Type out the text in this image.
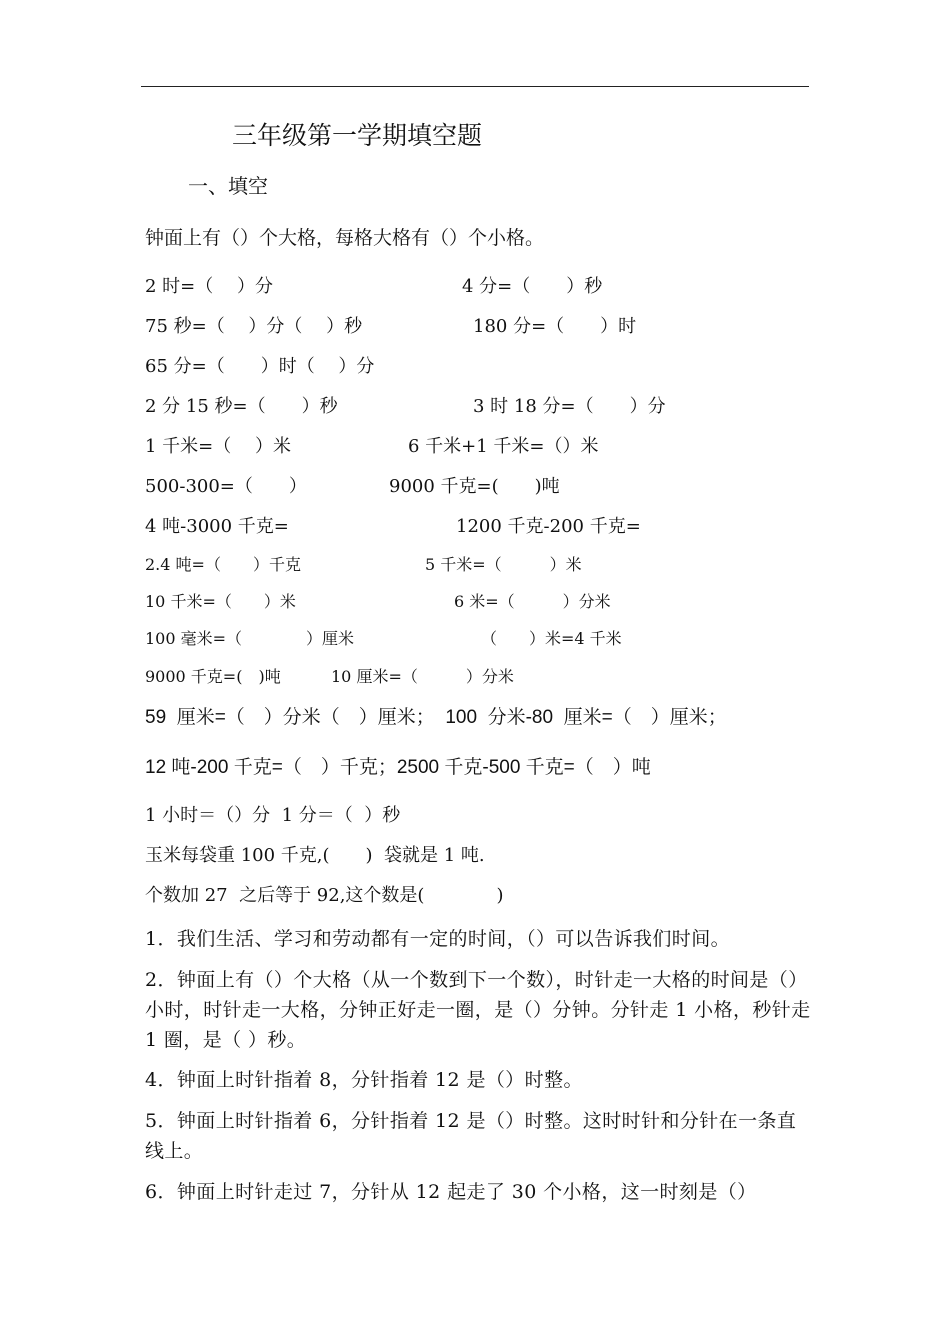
三年级第一学期填空题
一、填空
钟面上有（）个大格，每格大格有（）个小格。
2 时=（　 ）分	4 分=（　　）秒
75 秒=（　 ）分（　 ）秒	180 分=（　　）时
65 分=（　　）时（　 ）分
2 分 15 秒=（　　）秒	3 时 18 分=（　　）分
1 千米=（　 ）米	6 千米+1 千米=（）米
500-300=（　　）	9000 千克=(　　)吨
4 吨-3000 千克=	1200 千克-200 千克=
2.4 吨=（　　）千克	5 千米=（　　　）米
10 千米=（　　）米	6 米=（　　　）分米
100 毫米=（　　　　）厘米	（　　）米=4 千米
9000 千克=(　)吨	10 厘米=（　　　）分米
59  厘米=（　）分米（　）厘米；  100  分米-80  厘米=（　）厘米；
12 吨-200 千克=（　）千克；2500 千克-500 千克=（　）吨
1 小时＝（）分  1 分＝（  ）秒
玉米每袋重 100 千克,(　　)  袋就是 1 吨.
个数加 27  之后等于 92,这个数是(　　　　)
1．我们生活、学习和劳动都有一定的时间，（）可以告诉我们时间。
2．钟面上有（）个大格（从一个数到下一个数），时针走一大格的时间是（）小时，时针走一大格，分钟正好走一圈，是（）分钟。分针走 1 小格，秒针走 1 圈，是（ ）秒。
4．钟面上时针指着 8，分针指着 12 是（）时整。
5．钟面上时针指着 6，分针指着 12 是（）时整。这时时针和分针在一条直线上。
6．钟面上时针走过 7，分针从 12 起走了 30 个小格，这一时刻是（）
